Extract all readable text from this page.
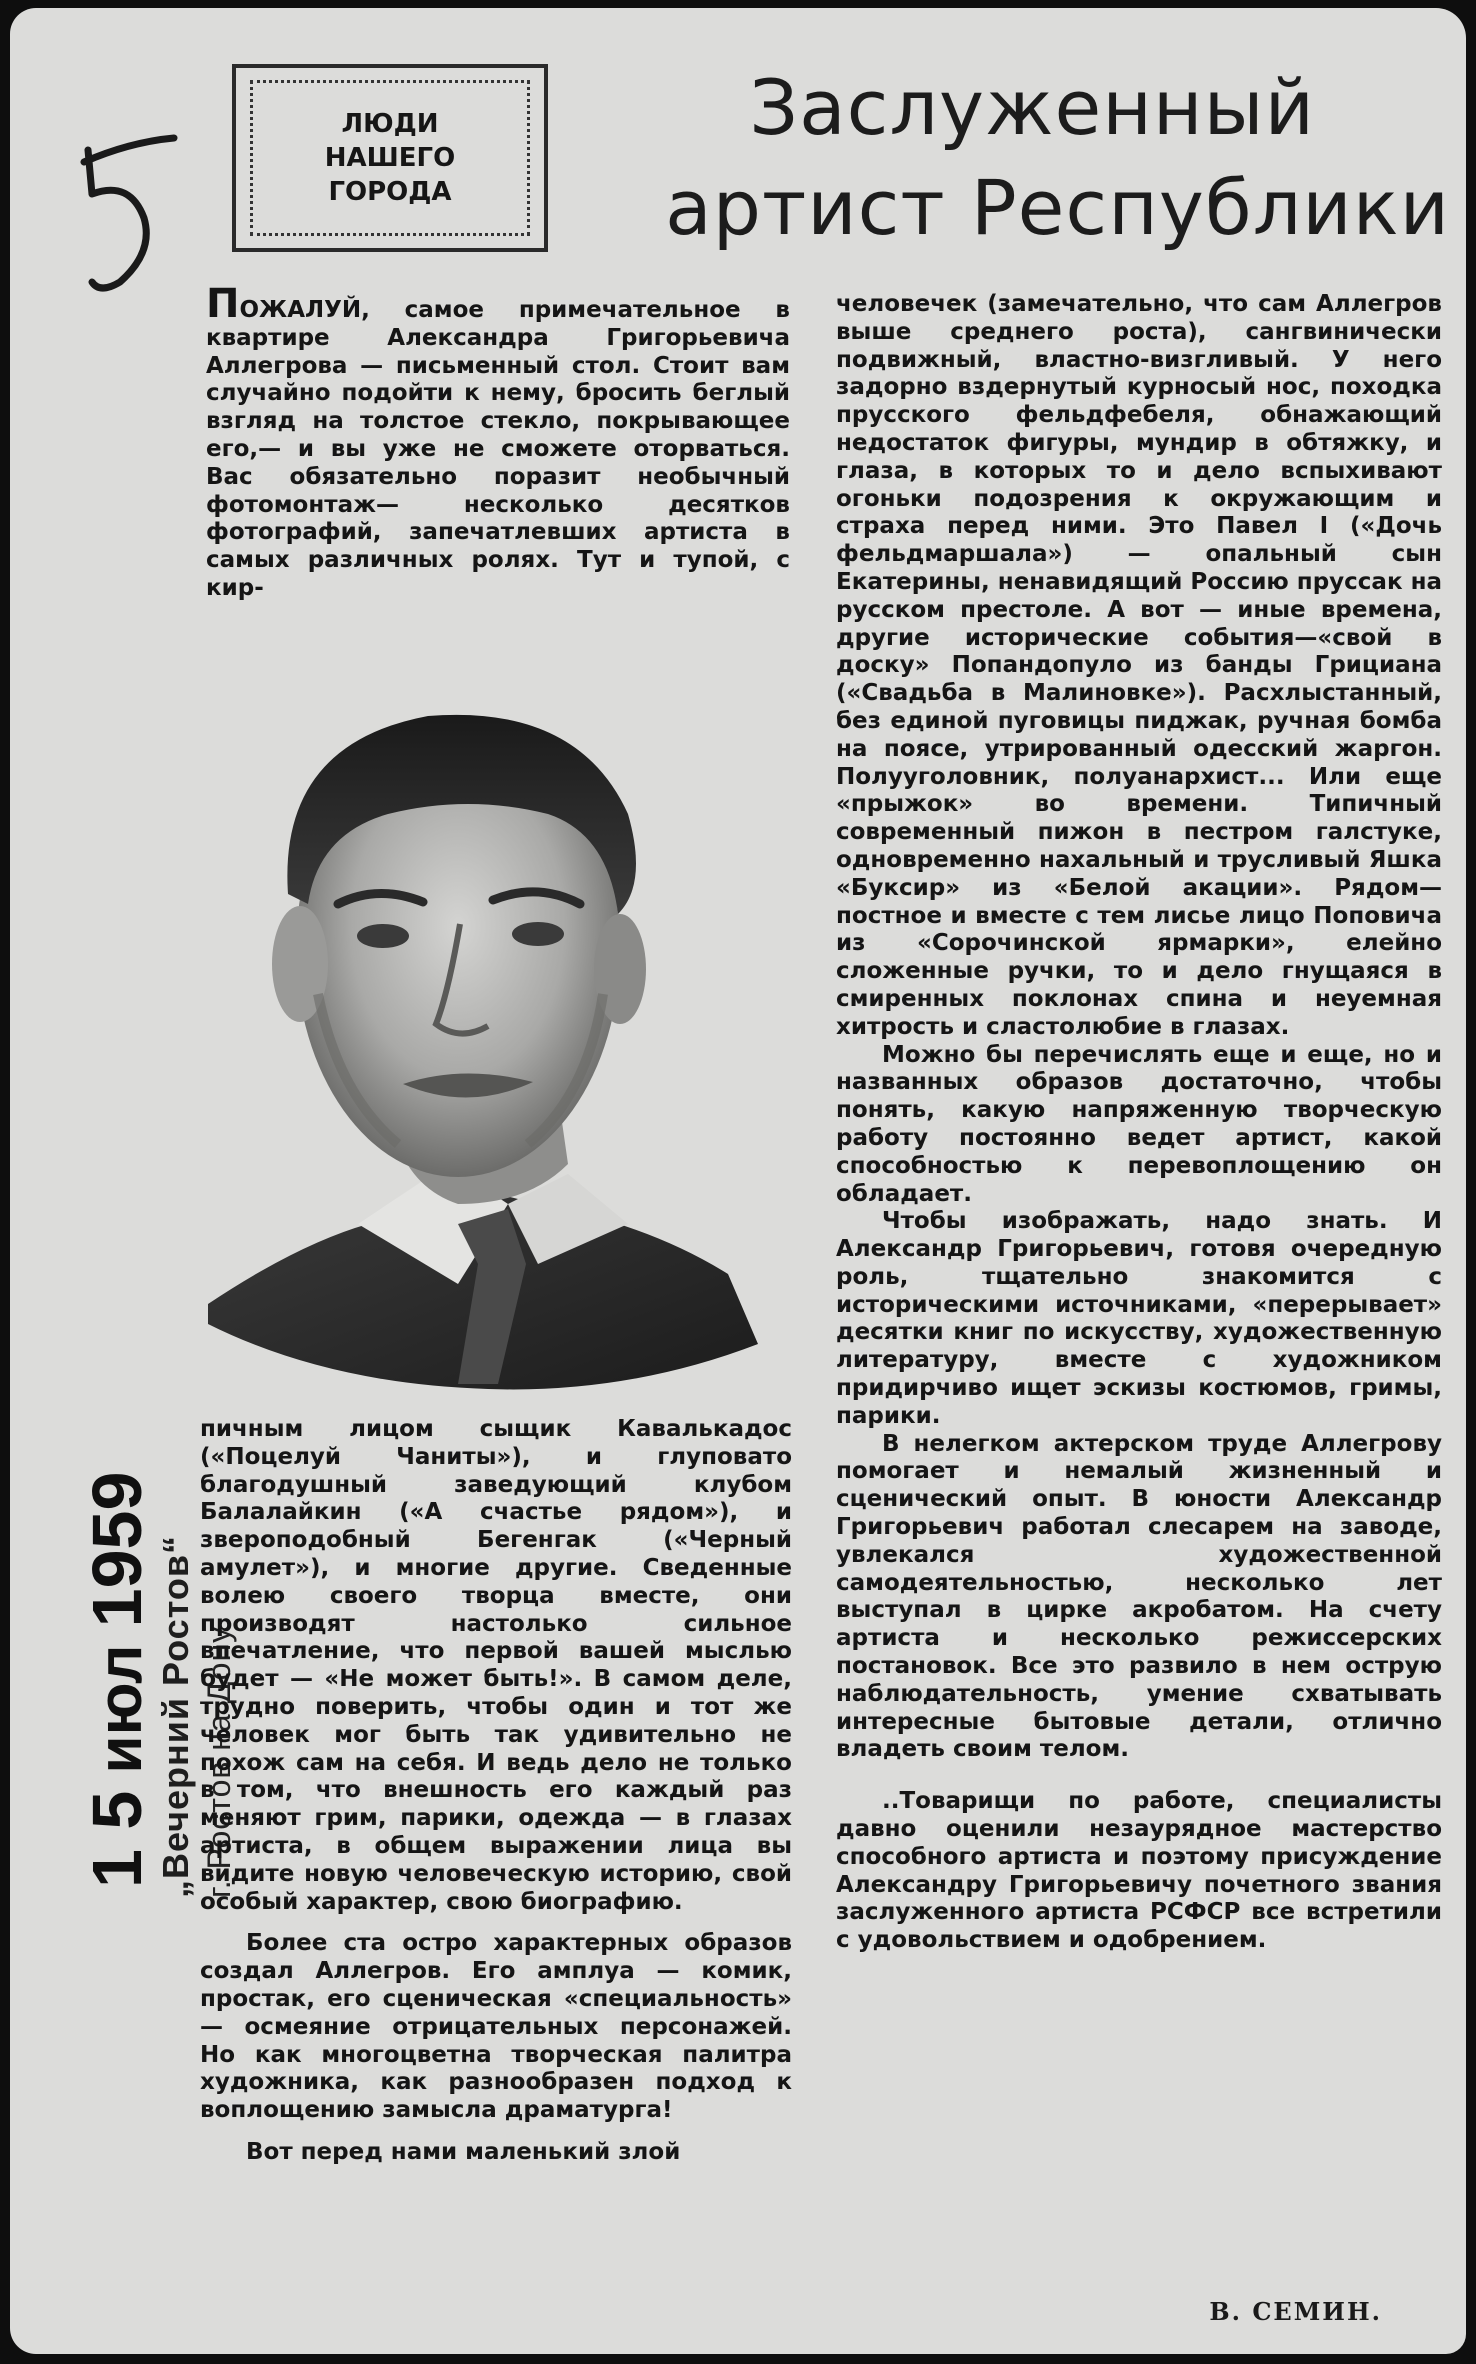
ЛЮДИ
НАШЕГО
ГОРОДА
Заслуженный
артист Республики
„Вечерний Ростов“ г. Ростов на Дону
1 5 июл 1959

ПОЖАЛУЙ, самое примечательное в квартире Александра Григорьевича Аллегрова — письменный стол. Стоит вам случайно подойти к нему, бросить беглый взгляд на толстое стекло, покрывающее его,— и вы уже не сможете оторваться. Вас обязательно поразит необычный фотомонтаж— несколько десятков фотографий, запечатлевших артиста в самых различных ролях. Тут и тупой, с кир-

пичным лицом сыщик Кавалькадос («Поцелуй Чаниты»), и глуповато благодушный заведующий клубом Балалайкин («А счастье рядом»), и звероподобный Бегенгак («Черный амулет»), и многие другие. Сведенные волею своего творца вместе, они производят настолько сильное впечатление, что первой вашей мыслью будет — «Не может быть!». В самом деле, трудно поверить, чтобы один и тот же человек мог быть так удивительно не похож сам на себя. И ведь дело не только в том, что внешность его каждый раз меняют грим, парики, одежда — в глазах артиста, в общем выражении лица вы видите новую человеческую историю, свой особый характер, свою биографию.

Более ста остро характерных образов создал Аллегров. Его амплуа — комик, простак, его сценическая «специальность» — осмеяние отрицательных персонажей. Но как многоцветна творческая палитра художника, как разнообразен подход к воплощению замысла драматурга!

Вот перед нами маленький злой

человечек (замечательно, что сам Аллегров выше среднего роста), сангвинически подвижный, властно-визгливый. У него задорно вздернутый курносый нос, походка прусского фельдфебеля, обнажающий недостаток фигуры, мундир в обтяжку, и глаза, в которых то и дело вспыхивают огоньки подозрения к окружающим и страха перед ними. Это Павел I («Дочь фельдмаршала») — опальный сын Екатерины, ненавидящий Россию пруссак на русском престоле. А вот — иные времена, другие исторические события—«свой в доску» Попандопуло из банды Грициана («Свадьба в Малиновке»). Расхлыстанный, без единой пуговицы пиджак, ручная бомба на поясе, утрированный одесский жаргон. Полууголовник, полуанархист... Или еще «прыжок» во времени. Типичный современный пижон в пестром галстуке, одновременно нахальный и трусливый Яшка «Буксир» из «Белой акации». Рядом—постное и вместе с тем лисье лицо Поповича из «Сорочинской ярмарки», елейно сложенные ручки, то и дело гнущаяся в смиренных поклонах спина и неуемная хитрость и сластолюбие в глазах.

Можно бы перечислять еще и еще, но и названных образов достаточно, чтобы понять, какую напряженную творческую работу постоянно ведет артист, какой способностью к перевоплощению он обладает.

Чтобы изображать, надо знать. И Александр Григорьевич, готовя очередную роль, тщательно знакомится с историческими источниками, «перерывает» десятки книг по искусству, художественную литературу, вместе с художником придирчиво ищет эскизы костюмов, гримы, парики.

В нелегком актерском труде Аллегрову помогает и немалый жизненный и сценический опыт. В юности Александр Григорьевич работал слесарем на заводе, увлекался художественной самодеятельностью, несколько лет выступал в цирке акробатом. На счету артиста и несколько режиссерских постановок. Все это развило в нем острую наблюдательность, умение схватывать интересные бытовые детали, отлично владеть своим телом.

..Товарищи по работе, специалисты давно оценили незаурядное мастерство способного артиста и поэтому присуждение Александру Григорьевичу почетного звания заслуженного артиста РСФСР все встретили с удовольствием и одобрением.

В. СЕМИН.
